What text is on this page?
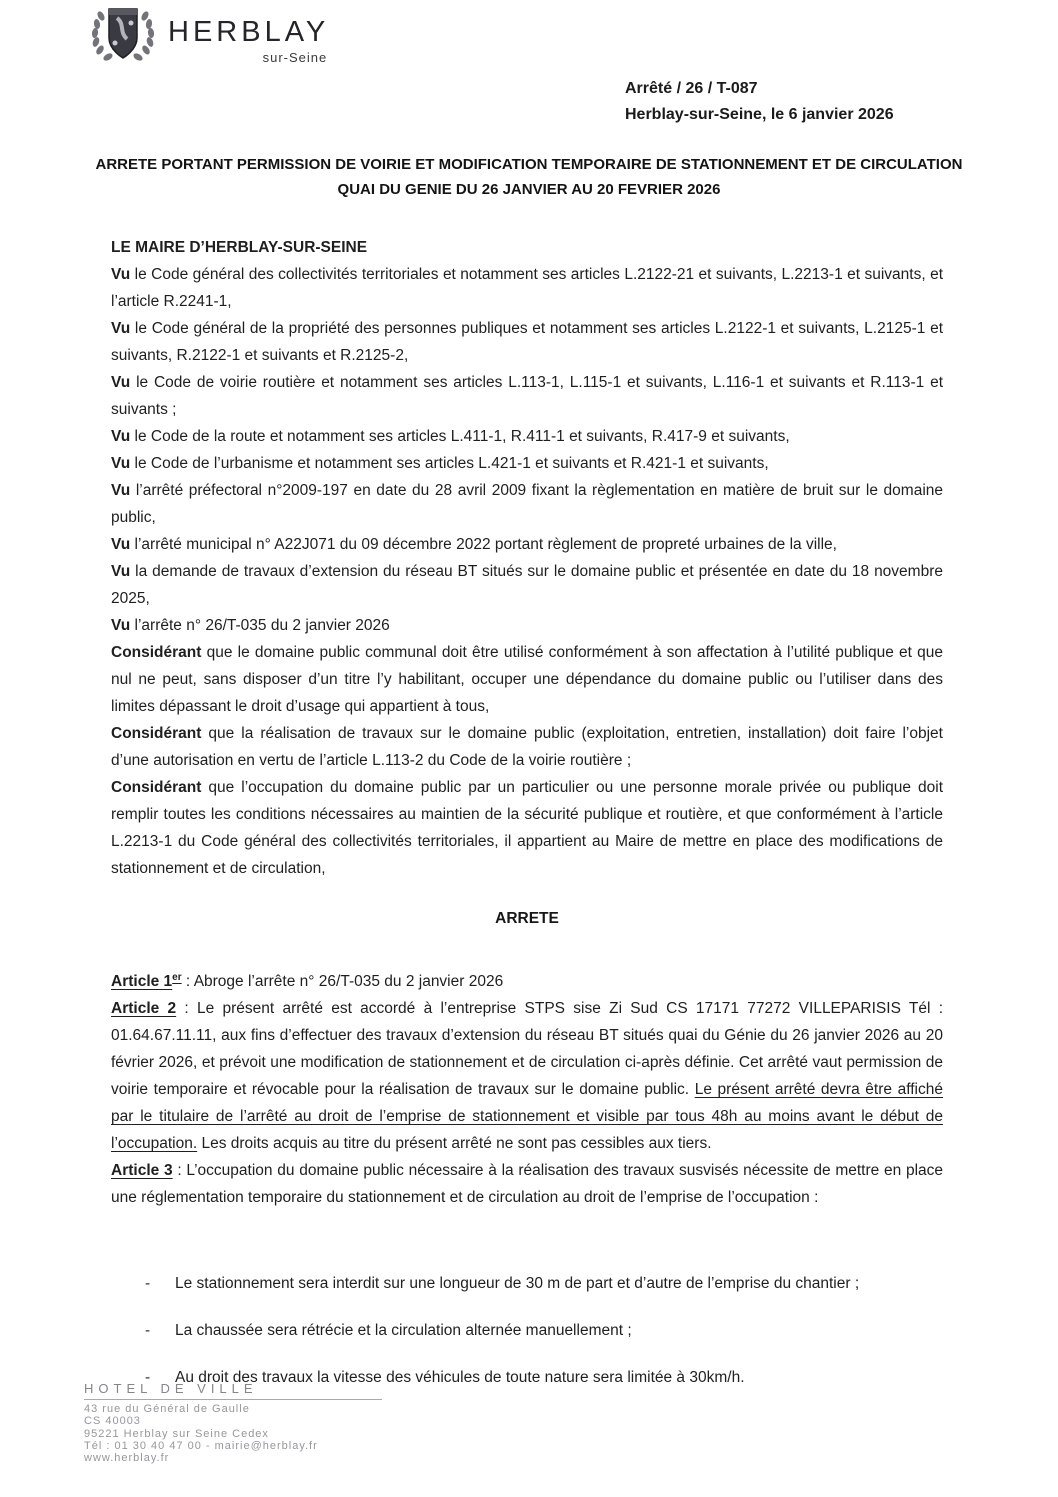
HERBLAY
sur-Seine
Arrêté / 26 / T-087
Herblay-sur-Seine, le 6 janvier 2026
ARRETE PORTANT PERMISSION DE VOIRIE ET MODIFICATION TEMPORAIRE DE STATIONNEMENT ET DE CIRCULATION QUAI DU GENIE DU 26 JANVIER AU 20 FEVRIER 2026

LE MAIRE D’HERBLAY-SUR-SEINE

Vu le Code général des collectivités territoriales et notamment ses articles L.2122-21 et suivants, L.2213-1 et suivants, et l’article R.2241-1,

Vu le Code général de la propriété des personnes publiques et notamment ses articles L.2122-1 et suivants, L.2125-1 et suivants, R.2122-1 et suivants et R.2125-2,

Vu le Code de voirie routière et notamment ses articles L.113-1, L.115-1 et suivants, L.116-1 et suivants et R.113-1 et suivants ;

Vu le Code de la route et notamment ses articles L.411-1, R.411-1 et suivants, R.417-9 et suivants,

Vu le Code de l’urbanisme et notamment ses articles L.421-1 et suivants et R.421-1 et suivants,

Vu l’arrêté préfectoral n°2009-197 en date du 28 avril 2009 fixant la règlementation en matière de bruit sur le domaine public,

Vu l’arrêté municipal n° A22J071 du 09 décembre 2022 portant règlement de propreté urbaines de la ville,

Vu la demande de travaux d’extension du réseau BT situés sur le domaine public et présentée en date du 18 novembre 2025,

Vu l’arrête n° 26/T-035 du 2 janvier 2026

Considérant que le domaine public communal doit être utilisé conformément à son affectation à l’utilité publique et que nul ne peut, sans disposer d’un titre l’y habilitant, occuper une dépendance du domaine public ou l’utiliser dans des limites dépassant le droit d’usage qui appartient à tous,

Considérant que la réalisation de travaux sur le domaine public (exploitation, entretien, installation) doit faire l’objet d’une autorisation en vertu de l’article L.113-2 du Code de la voirie routière ;

Considérant que l’occupation du domaine public par un particulier ou une personne morale privée ou publique doit remplir toutes les conditions nécessaires au maintien de la sécurité publique et routière, et que conformément à l’article L.2213-1 du Code général des collectivités territoriales, il appartient au Maire de mettre en place des modifications de stationnement et de circulation,

ARRETE

Article 1er : Abroge l’arrête n° 26/T-035 du 2 janvier 2026

Article 2 : Le présent arrêté est accordé à l’entreprise STPS sise Zi Sud CS 17171 77272 VILLEPARISIS Tél : 01.64.67.11.11, aux fins d’effectuer des travaux d’extension du réseau BT situés quai du Génie du 26 janvier 2026 au 20 février 2026, et prévoit une modification de stationnement et de circulation ci-après définie. Cet arrêté vaut permission de voirie temporaire et révocable pour la réalisation de travaux sur le domaine public. Le présent arrêté devra être affiché par le titulaire de l’arrêté au droit de l’emprise de stationnement et visible par tous 48h au moins avant le début de l’occupation. Les droits acquis au titre du présent arrêté ne sont pas cessibles aux tiers.

Article 3 : L’occupation du domaine public nécessaire à la réalisation des travaux susvisés nécessite de mettre en place une réglementation temporaire du stationnement et de circulation au droit de l’emprise de l’occupation :

-	Le stationnement sera interdit sur une longueur de 30 m de part et d’autre de l’emprise du chantier ;
-	La chaussée sera rétrécie et la circulation alternée manuellement ;
-	Au droit des travaux la vitesse des véhicules de toute nature sera limitée à 30km/h.
HOTEL DE VILLE
43 rue du Général de Gaulle
CS 40003
95221 Herblay sur Seine Cedex
Tél : 01 30 40 47 00 - mairie@herblay.fr
www.herblay.fr
